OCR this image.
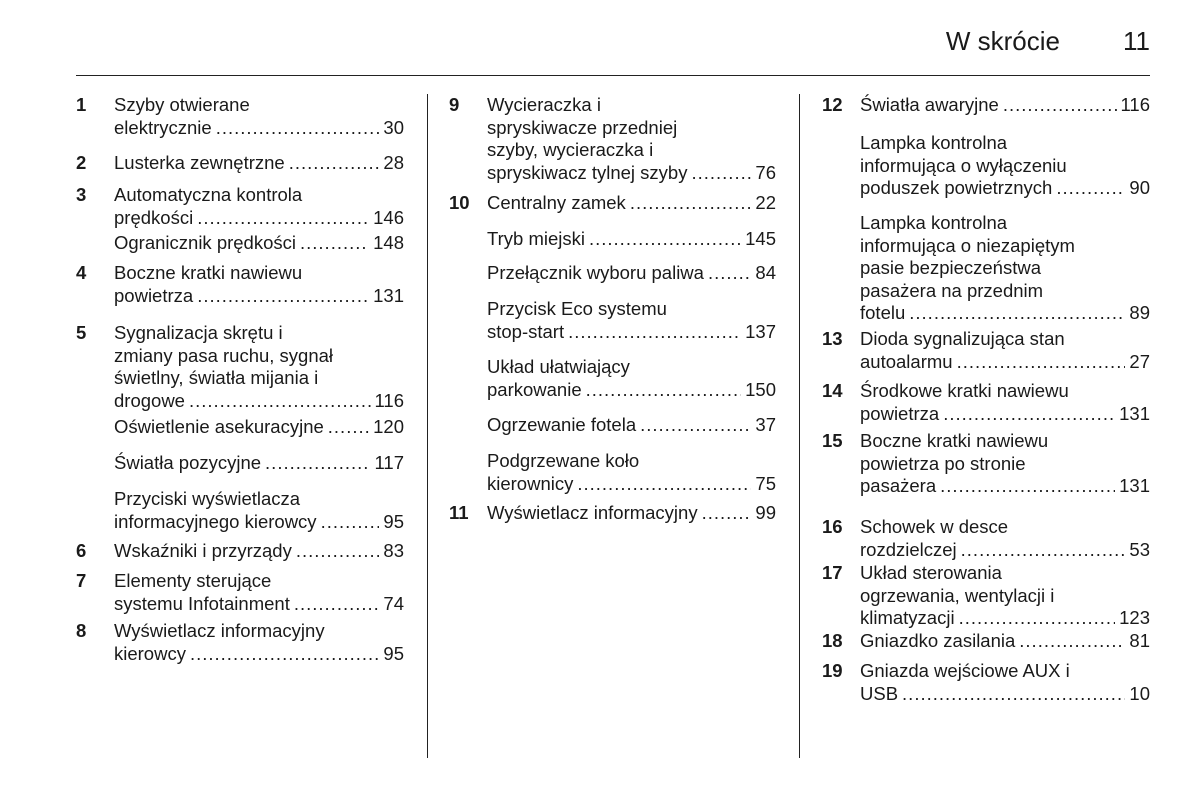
W skrócie	11
1 Szyby otwierane
elektrycznie .....	30
2 Lusterka zewnętrzne .....	28
3 Automatyczna kontrola
prędkości .....	146
Ogranicznik prędkości .....	148
4 Boczne kratki nawiewu
powietrza .....	131
5 Sygnalizacja skrętu i
zmiany pasa ruchu, sygnał
świetlny, światła mijania i
drogowe .....	116
Oświetlenie asekuracyjne .....	120
Światła pozycyjne .....	117
Przyciski wyświetlacza
informacyjnego kierowcy .....	95
6 Wskaźniki i przyrządy .....	83
7 Elementy sterujące
systemu Infotainment .....	74
8 Wyświetlacz informacyjny
kierowcy .....	95
9 Wycieraczka i
spryskiwacze przedniej
szyby, wycieraczka i
spryskiwacz tylnej szyby .....	76
10 Centralny zamek .....	22
Tryb miejski .....	145
Przełącznik wyboru paliwa .....	84
Przycisk Eco systemu
stop-start .....	137
Układ ułatwiający
parkowanie .....	150
Ogrzewanie fotela .....	37
Podgrzewane koło
kierownicy .....	75
11 Wyświetlacz informacyjny .....	99
12 Światła awaryjne .....	116
Lampka kontrolna
informująca o wyłączeniu
poduszek powietrznych .....	90
Lampka kontrolna
informująca o niezapiętym
pasie bezpieczeństwa
pasażera na przednim
fotelu .....	89
13 Dioda sygnalizująca stan
autoalarmu .....	27
14 Środkowe kratki nawiewu
powietrza .....	131
15 Boczne kratki nawiewu
powietrza po stronie
pasażera .....	131
16 Schowek w desce
rozdzielczej .....	53
17 Układ sterowania
ogrzewania, wentylacji i
klimatyzacji .....	123
18 Gniazdko zasilania .....	81
19 Gniazda wejściowe AUX i
USB .....	10
